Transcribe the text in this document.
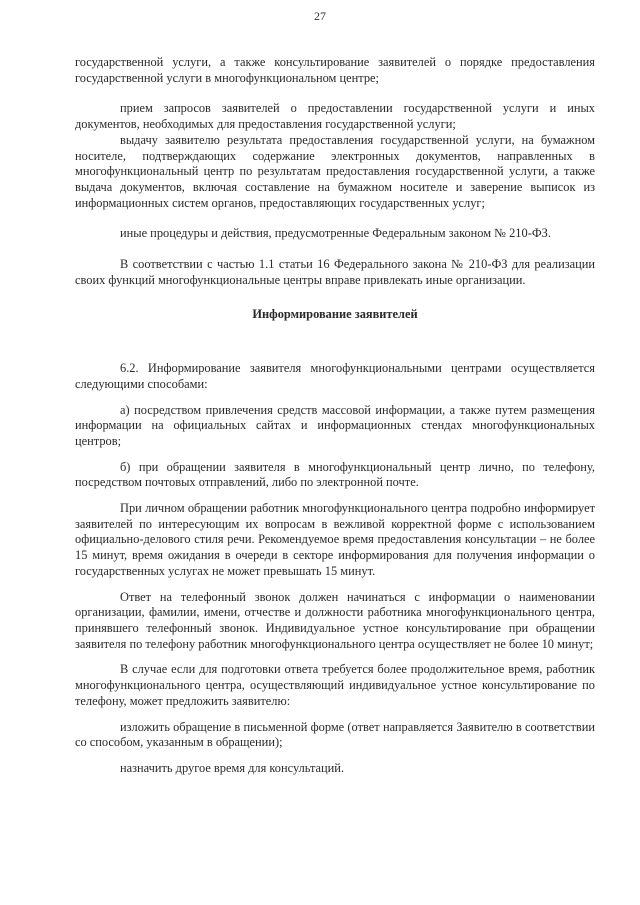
27

государственной услуги, а также консультирование заявителей о порядке предоставления государственной услуги в многофункциональном центре;

прием запросов заявителей о предоставлении государственной услуги и иных документов, необходимых для предоставления государственной услуги;

выдачу заявителю результата предоставления государственной услуги, на бумажном носителе, подтверждающих содержание электронных документов, направленных в многофункциональный центр по результатам предоставления государственной услуги, а также выдача документов, включая составление на бумажном носителе и заверение выписок из информационных систем органов, предоставляющих государственных услуг;

иные процедуры и действия, предусмотренные Федеральным законом № 210-ФЗ.

В соответствии с частью 1.1 статьи 16 Федерального закона № 210-ФЗ для реализации своих функций многофункциональные центры вправе привлекать иные организации.

Информирование заявителей

6.2. Информирование заявителя многофункциональными центрами осуществляется следующими способами:

а) посредством привлечения средств массовой информации, а также путем размещения информации на официальных сайтах и информационных стендах многофункциональных центров;

б) при обращении заявителя в многофункциональный центр лично, по телефону, посредством почтовых отправлений, либо по электронной почте.

При личном обращении работник многофункционального центра подробно информирует заявителей по интересующим их вопросам в вежливой корректной форме с использованием официально-делового стиля речи. Рекомендуемое время предоставления консультации – не более 15 минут, время ожидания в очереди в секторе информирования для получения информации о государственных услугах не может превышать 15 минут.

Ответ на телефонный звонок должен начинаться с информации о наименовании организации, фамилии, имени, отчестве и должности работника многофункционального центра, принявшего телефонный звонок. Индивидуальное устное консультирование при обращении заявителя по телефону работник многофункционального центра осуществляет не более 10 минут;

В случае если для подготовки ответа требуется более продолжительное время, работник многофункционального центра, осуществляющий индивидуальное устное консультирование по телефону, может предложить заявителю:

изложить обращение в письменной форме (ответ направляется Заявителю в соответствии со способом, указанным в обращении);

назначить другое время для консультаций.
